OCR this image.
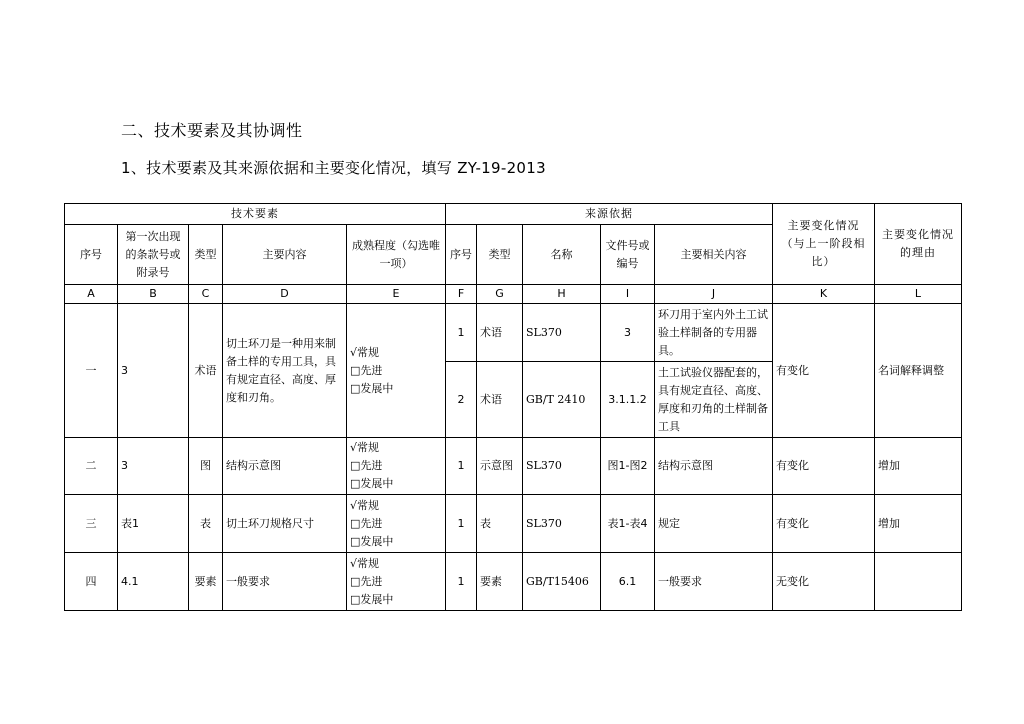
二、技术要素及其协调性
1、技术要素及其来源依据和主要变化情况，填写 ZY-19-2013
技术要素					来源依据					主要变化情况（与上一阶段相比）	主要变化情况的理由
序号	第一次出现的条款号或附录号	类型	主要内容	成熟程度（勾选唯一项）	序号	类型	名称	文件号或编号	主要相关内容		
A	B	C	D	E	F	G	H	I	J	K	L
一	3	术语	切土环刀是一种用来制备土样的专用工具，具有规定直径、高度、厚度和刃角。	√常规
□先进
□发展中	1	术语	SL370	3	环刀用于室内外土工试验土样制备的专用器具。	有变化	名词解释调整
					2	术语	GB/T 2410	3.1.1.2	土工试验仪器配套的，具有规定直径、高度、厚度和刃角的土样制备工具		
二	3	图	结构示意图	√常规
□先进
□发展中	1	示意图	SL370	图1-图2	结构示意图	有变化	增加
三	表1	表	切土环刀规格尺寸	√常规
□先进
□发展中	1	表	SL370	表1-表4	规定	有变化	增加
四	4.1	要素	一般要求	√常规
□先进
□发展中	1	要素	GB/T15406	6.1	一般要求	无变化	
